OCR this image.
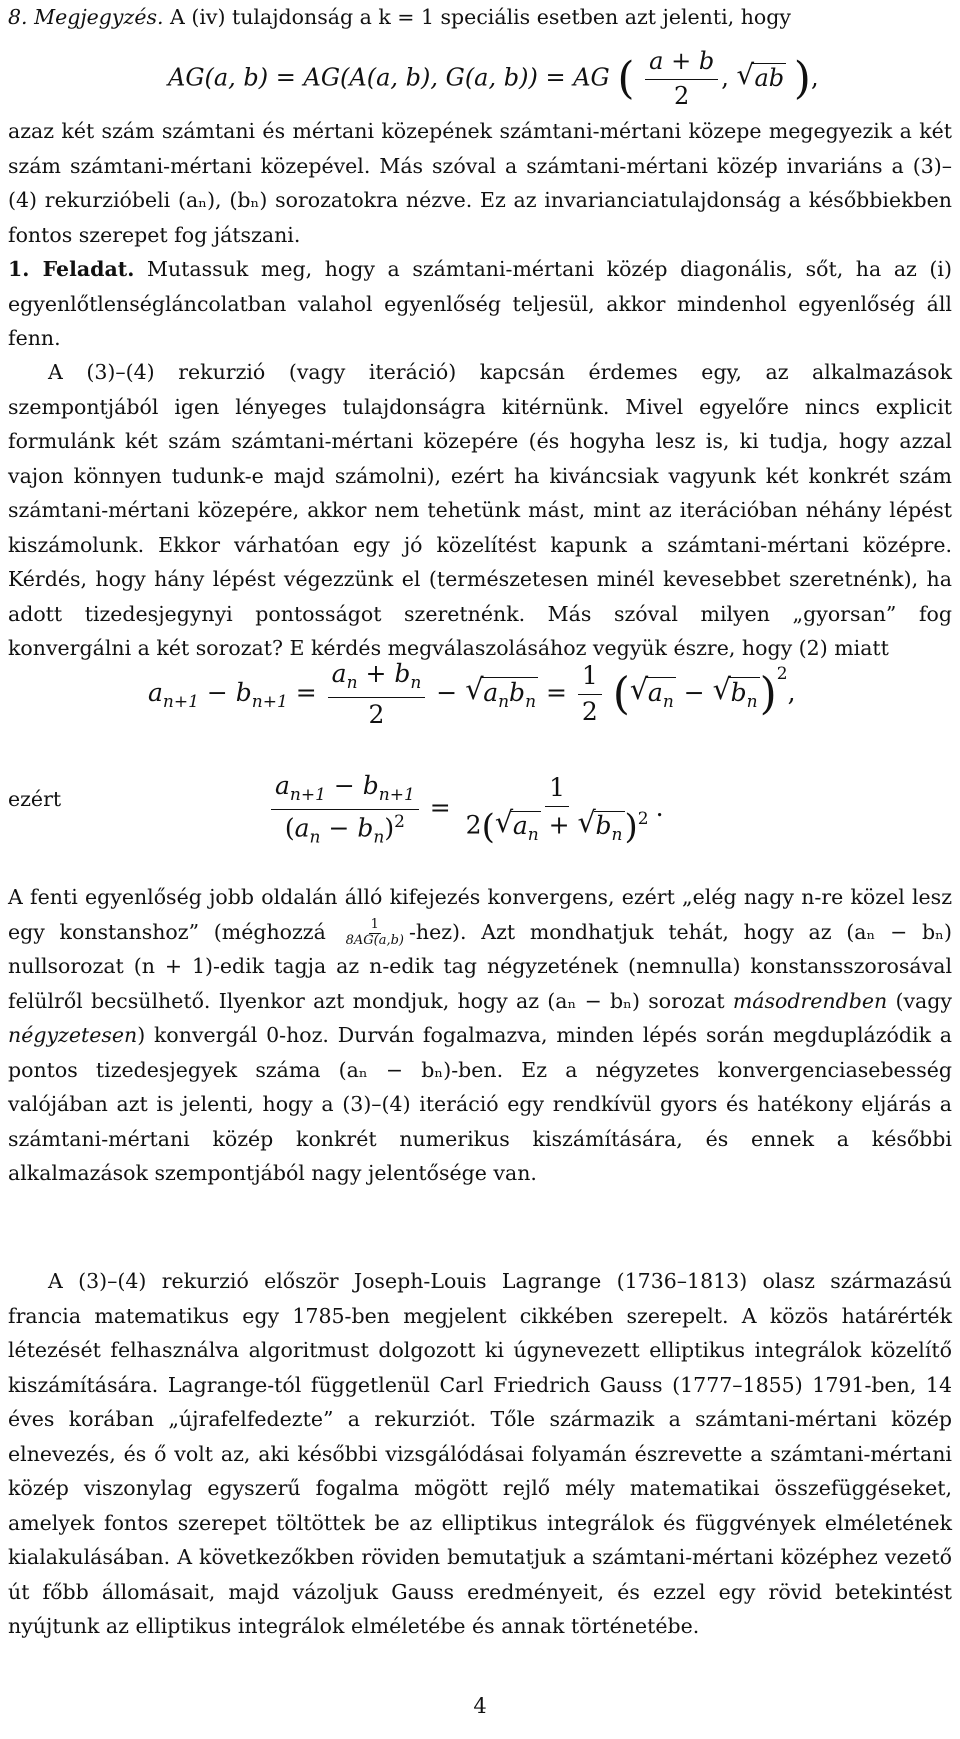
8. Megjegyzés. A (iv) tulajdonság a k = 1 speciális esetben azt jelenti, hogy

AG(a, b) = AG(A(a, b), G(a, b)) = AG ( $\frac{a + b}{2}$ , √ ab ),

azaz két szám számtani és mértani közepének számtani-mértani közepe megegyezik a két szám számtani-mértani közepével. Más szóval a számtani-mértani közép invariáns a (3)–(4) rekurzióbeli (aₙ), (bₙ) sorozatokra nézve. Ez az invarianciatulajdonság a későbbiekben fontos szerepet fog játszani.

1. Feladat. Mutassuk meg, hogy a számtani-mértani közép diagonális, sőt, ha az (i) egyenlőtlenségláncolatban valahol egyenlőség teljesül, akkor mindenhol egyenlőség áll fenn.

A (3)–(4) rekurzió (vagy iteráció) kapcsán érdemes egy, az alkalmazások szempontjából igen lényeges tulajdonságra kitérnünk. Mivel egyelőre nincs explicit formulánk két szám számtani-mértani közepére (és hogyha lesz is, ki tudja, hogy azzal vajon könnyen tudunk-e majd számolni), ezért ha kiváncsiak vagyunk két konkrét szám számtani-mértani közepére, akkor nem tehetünk mást, mint az iterációban néhány lépést kiszámolunk. Ekkor várhatóan egy jó közelítést kapunk a számtani-mértani középre. Kérdés, hogy hány lépést végezzünk el (természetesen minél kevesebbet szeretnénk), ha adott tizedesjegynyi pontosságot szeretnénk. Más szóval milyen „gyorsan” fog konvergálni a két sorozat? E kérdés megválaszolásához vegyük észre, hogy (2) miatt

$a_{n+1} - b_{n+1} = \frac{a_n + b_n}{2}$ − √ $a_nb_n = \frac{1}{2}$ ( √ $a_n$ − √ $b_n)^2$,

ezért	$\frac{a_{n+1} - b_{n+1}}{(a_n - b_n)^2} = \frac{1}{2( √ a_n + √ b_n)^2}$ .

A fenti egyenlőség jobb oldalán álló kifejezés konvergens, ezért „elég nagy n-re közel lesz egy konstanshoz” (méghozzá $\frac{1}{8AG(a,b)} -hez$). Azt mondhatjuk tehát, hogy az (aₙ − bₙ) nullsorozat (n + 1)-edik tagja az n-edik tag négyzetének (nemnulla) konstansszorosával felülről becsülhető. Ilyenkor azt mondjuk, hogy az (aₙ − bₙ) sorozat másodrendben (vagy négyzetesen) konvergál 0-hoz. Durván fogalmazva, minden lépés során megduplázódik a pontos tizedesjegyek száma (aₙ − bₙ)-ben. Ez a négyzetes konvergenciasebesség valójában azt is jelenti, hogy a (3)–(4) iteráció egy rendkívül gyors és hatékony eljárás a számtani-mértani közép konkrét numerikus kiszámítására, és ennek a későbbi alkalmazások szempontjából nagy jelentősége van.

A (3)–(4) rekurzió először Joseph-Louis Lagrange (1736–1813) olasz származású francia matematikus egy 1785-ben megjelent cikkében szerepelt. A közös határérték létezését felhasználva algoritmust dolgozott ki úgynevezett elliptikus integrálok közelítő kiszámítására. Lagrange-tól függetlenül Carl Friedrich Gauss (1777–1855) 1791-ben, 14 éves korában „újrafelfedezte” a rekurziót. Tőle származik a számtani-mértani közép elnevezés, és ő volt az, aki későbbi vizsgálódásai folyamán észrevette a számtani-mértani közép viszonylag egyszerű fogalma mögött rejlő mély matematikai összefüggéseket, amelyek fontos szerepet töltöttek be az elliptikus integrálok és függvények elméletének kialakulásában. A következőkben röviden bemutatjuk a számtani-mértani középhez vezető út főbb állomásait, majd vázoljuk Gauss eredményeit, és ezzel egy rövid betekintést nyújtunk az elliptikus integrálok elméletébe és annak történetébe.

4
